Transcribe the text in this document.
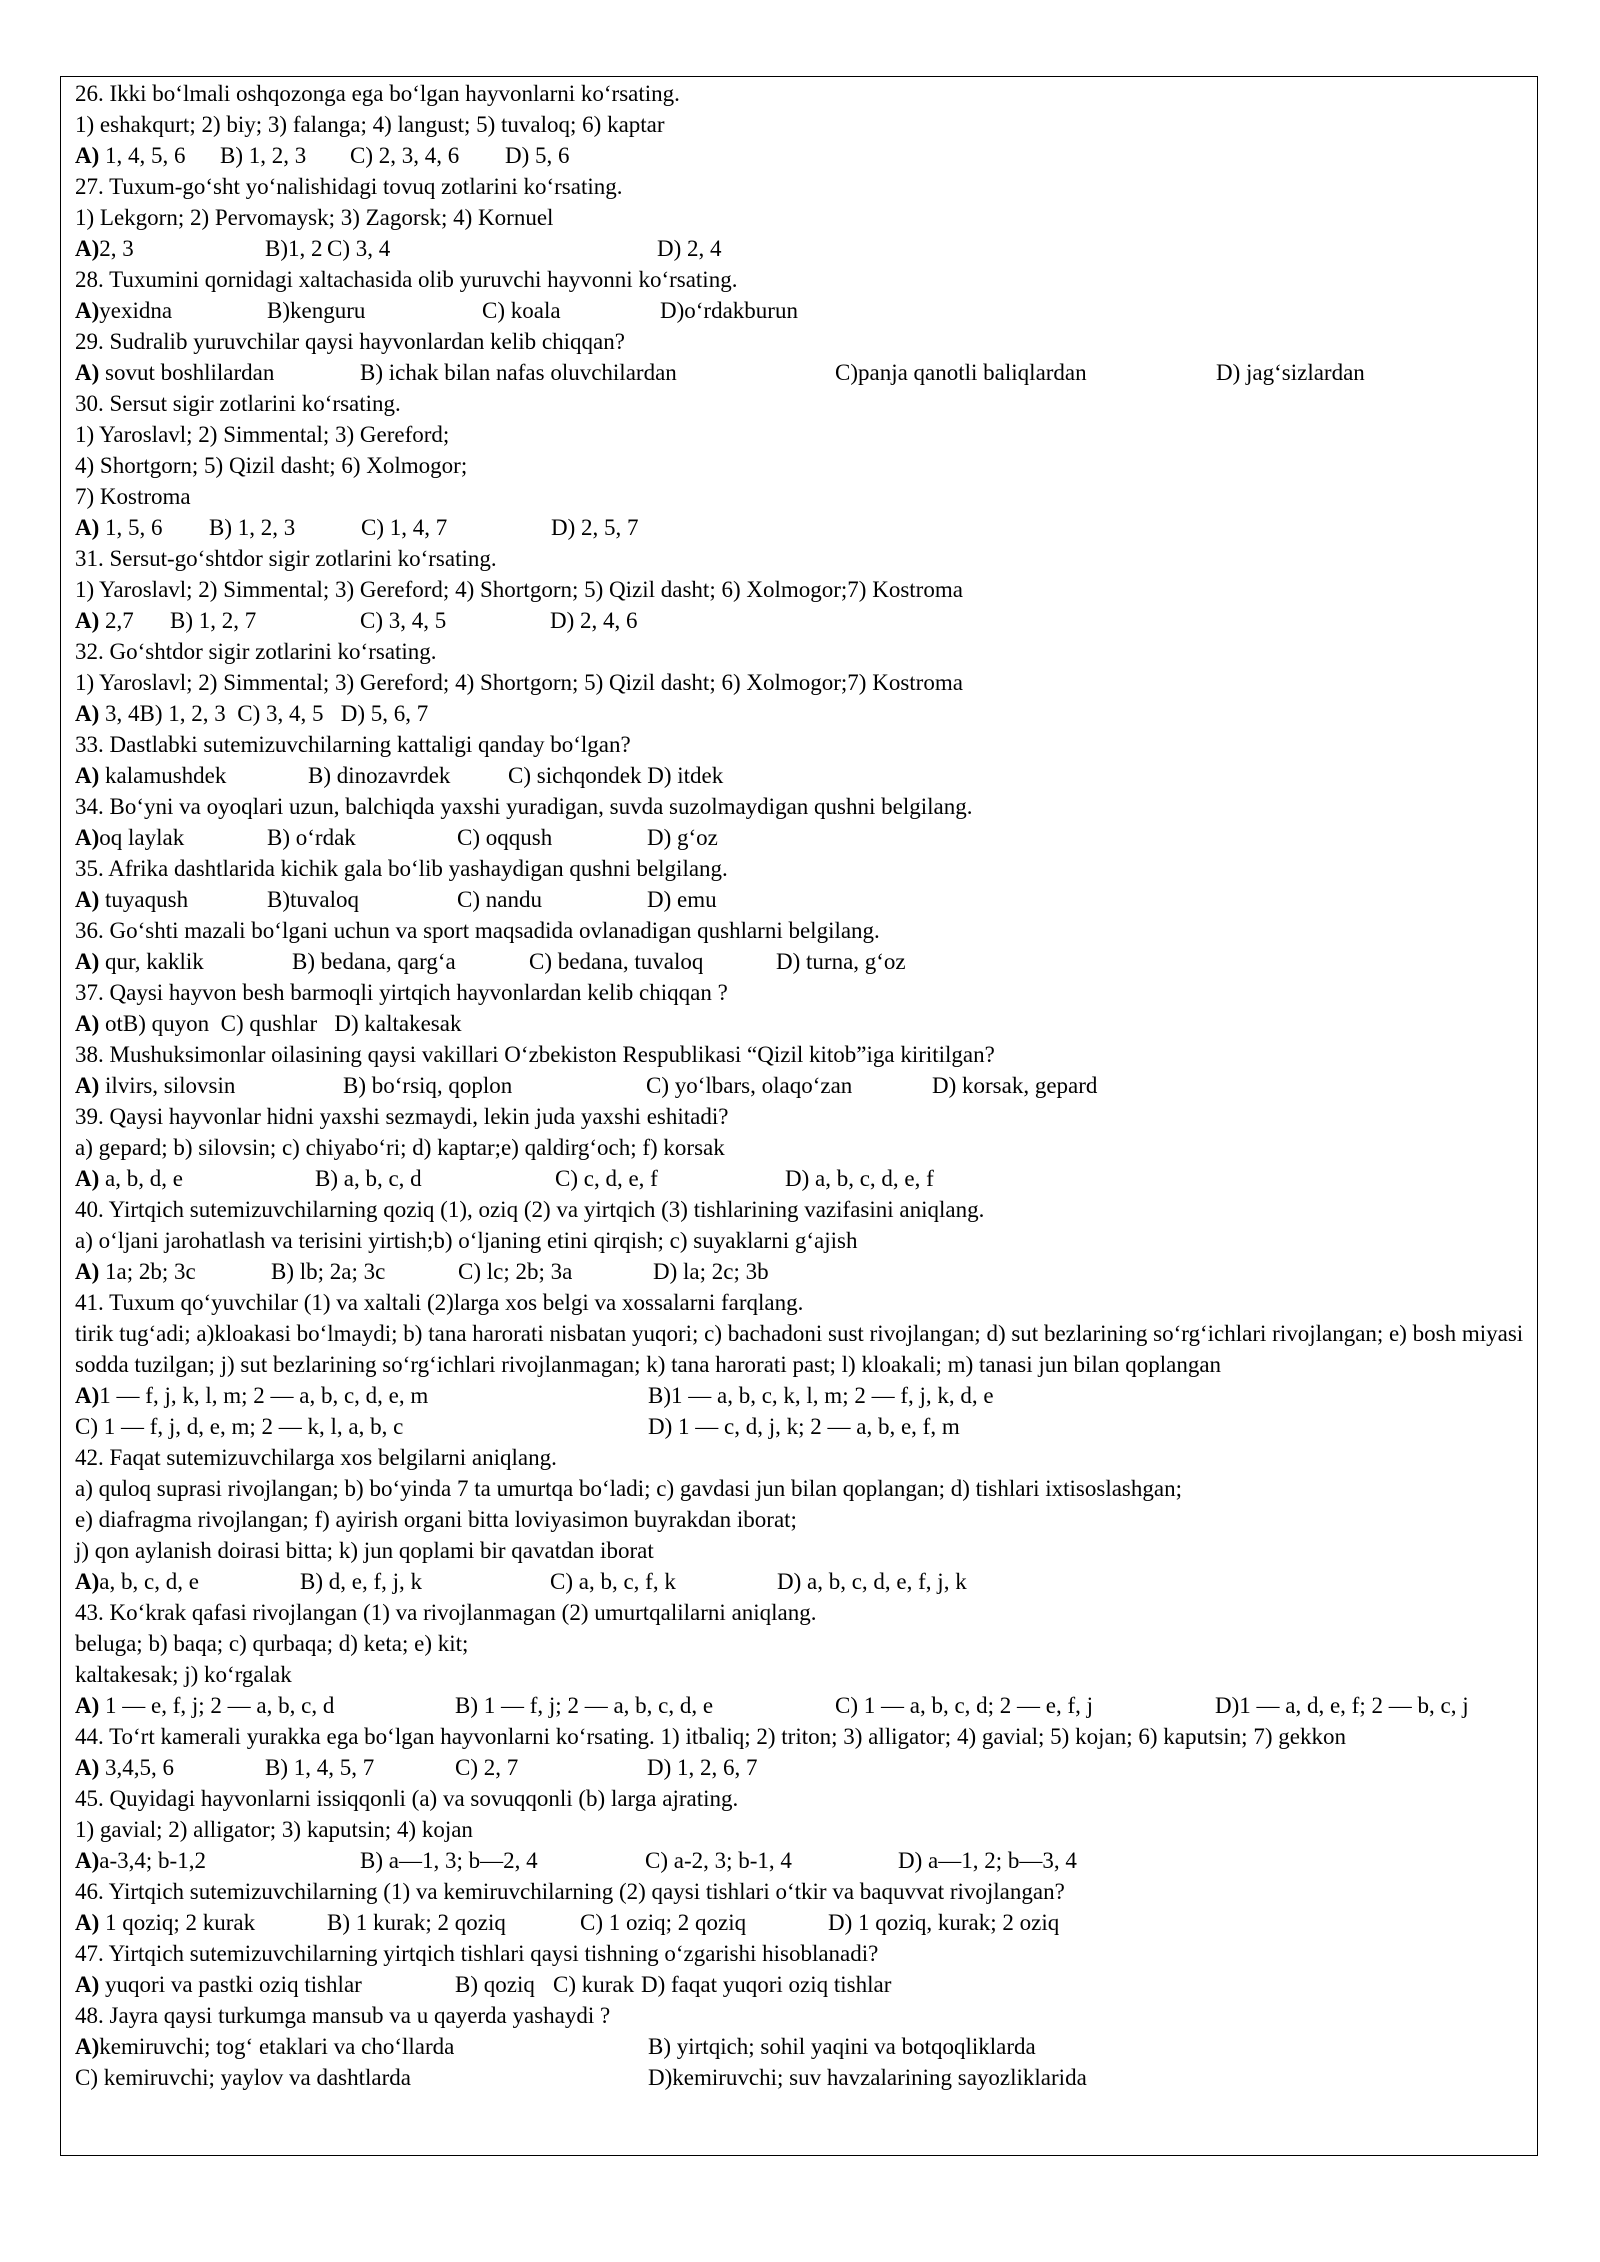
26. Ikki bo‘lmali oshqozonga ega bo‘lgan hayvonlarni ko‘rsating.
1) eshakqurt; 2) biy; 3) falanga; 4) langust; 5) tuvaloq; 6) kaptar
A) 1, 4, 5, 6 B) 1, 2, 3 C) 2, 3, 4, 6 D) 5, 6
27. Tuxum-go‘sht yo‘nalishidagi tovuq zotlarini ko‘rsating.
1) Lekgorn; 2) Pervomaysk; 3) Zagorsk; 4) Kornuel
A)2, 3	B)1, 2 C) 3, 4	D) 2, 4
28. Tuxumini qornidagi xaltachasida olib yuruvchi hayvonni ko‘rsating.
A)yexidna	B)kenguru	C) koala	D)o‘rdakburun
29. Sudralib yuruvchilar qaysi hayvonlardan kelib chiqqan?
A) sovut boshlilardan	B) ichak bilan nafas oluvchilardan	C)panja qanotli baliqlardan	D) jag‘sizlardan
30. Sersut sigir zotlarini ko‘rsating.
1) Yaroslavl; 2) Simmental; 3) Gereford;
4) Shortgorn; 5) Qizil dasht; 6) Xolmogor;
7) Kostroma
A) 1, 5, 6 B) 1, 2, 3	C) 1, 4, 7	D) 2, 5, 7
31. Sersut-go‘shtdor sigir zotlarini ko‘rsating.
1) Yaroslavl; 2) Simmental; 3) Gereford; 4) Shortgorn; 5) Qizil dasht; 6) Xolmogor;7) Kostroma
A) 2,7 B) 1, 2, 7	C) 3, 4, 5	D) 2, 4, 6
32. Go‘shtdor sigir zotlarini ko‘rsating.
1) Yaroslavl; 2) Simmental; 3) Gereford; 4) Shortgorn; 5) Qizil dasht; 6) Xolmogor;7) Kostroma
A) 3, 4B) 1, 2, 3  C) 3, 4, 5   D) 5, 6, 7
33. Dastlabki sutemizuvchilarning kattaligi qanday bo‘lgan?
A) kalamushdek	B) dinozavrdek	C) sichqondek D) itdek
34. Bo‘yni va oyoqlari uzun, balchiqda yaxshi yuradigan, suvda suzolmaydigan qushni belgilang.
A)oq laylak	B) o‘rdak	C) oqqush	D) g‘oz
35. Afrika dashtlarida kichik gala bo‘lib yashaydigan qushni belgilang.
A) tuyaqush	B)tuvaloq	C) nandu	D) emu
36. Go‘shti mazali bo‘lgani uchun va sport maqsadida ovlanadigan qushlarni belgilang.
A) qur, kaklik	B) bedana, qarg‘a	C) bedana, tuvaloq	D) turna, g‘oz
37. Qaysi hayvon besh barmoqli yirtqich hayvonlardan kelib chiqqan ?
A) otB) quyon  C) qushlar   D) kaltakesak
38. Mushuksimonlar oilasining qaysi vakillari O‘zbekiston Respublikasi “Qizil kitob”iga kiritilgan?
A) ilvirs, silovsin	B) bo‘rsiq, qoplon	C) yo‘lbars, olaqo‘zan	D) korsak, gepard
39. Qaysi hayvonlar hidni yaxshi sezmaydi, lekin juda yaxshi eshitadi?
a) gepard; b) silovsin; c) chiyabo‘ri; d) kaptar;e) qaldirg‘och; f) korsak
A) a, b, d, e	B) a, b, c, d	C) c, d, e, f	D) a, b, c, d, e, f
40. Yirtqich sutemizuvchilarning qoziq (1), oziq (2) va yirtqich (3) tishlarining vazifasini aniqlang.
a) o‘ljani jarohatlash va terisini yirtish;b) o‘ljaning etini qirqish; c) suyaklarni g‘ajish
A) 1a; 2b; 3c	B) lb; 2a; 3c	C) lc; 2b; 3a	D) la; 2c; 3b
41. Tuxum qo‘yuvchilar (1) va xaltali (2)larga xos belgi va xossalarni farqlang.
tirik tug‘adi; a)kloakasi bo‘lmaydi; b) tana harorati nisbatan yuqori; c) bachadoni sust rivojlangan; d) sut bezlarining so‘rg‘ichlari rivojlangan; e) bosh miyasi sodda tuzilgan; j) sut bezlarining so‘rg‘ichlari rivojlanmagan; k) tana harorati past; l) kloakali; m) tanasi jun bilan qoplangan
A)1 — f, j, k, l, m; 2 — a, b, c, d, e, m	B)1 — a, b, c, k, l, m; 2 — f, j, k, d, e
C) 1 — f, j, d, e, m; 2 — k, l, a, b, c	D) 1 — c, d, j, k; 2 — a, b, e, f, m
42. Faqat sutemizuvchilarga xos belgilarni aniqlang.
a) quloq suprasi rivojlangan; b) bo‘yinda 7 ta umurtqa bo‘ladi; c) gavdasi jun bilan qoplangan; d) tishlari ixtisoslashgan;
e) diafragma rivojlangan; f) ayirish organi bitta loviyasimon buyrakdan iborat;
j) qon aylanish doirasi bitta; k) jun qoplami bir qavatdan iborat
A)a, b, c, d, e	B) d, e, f, j, k	C) a, b, c, f, k	D) a, b, c, d, e, f, j, k
43. Ko‘krak qafasi rivojlangan (1) va rivojlanmagan (2) umurtqalilarni aniqlang.
beluga; b) baqa; c) qurbaqa; d) keta; e) kit;
kaltakesak; j) ko‘rgalak
A) 1 — e, f, j; 2 — a, b, c, d	B) 1 — f, j; 2 — a, b, c, d, e	C) 1 — a, b, c, d; 2 — e, f, j	D)1 — a, d, e, f; 2 — b, c, j
44. To‘rt kamerali yurakka ega bo‘lgan hayvonlarni ko‘rsating. 1) itbaliq; 2) triton; 3) alligator; 4) gavial; 5) kojan; 6) kaputsin; 7) gekkon
A) 3,4,5, 6	B) 1, 4, 5, 7	C) 2, 7	D) 1, 2, 6, 7
45. Quyidagi hayvonlarni issiqqonli (a) va sovuqqonli (b) larga ajrating.
1) gavial; 2) alligator; 3) kaputsin; 4) kojan
A)a-3,4; b-1,2	B) a—1, 3; b—2, 4	C) a-2, 3; b-1, 4	D) a—1, 2; b—3, 4
46. Yirtqich sutemizuvchilarning (1) va kemiruvchilarning (2) qaysi tishlari o‘tkir va baquvvat rivojlangan?
A) 1 qoziq; 2 kurak	B) 1 kurak; 2 qoziq	C) 1 oziq; 2 qoziq	D) 1 qoziq, kurak; 2 oziq
47. Yirtqich sutemizuvchilarning yirtqich tishlari qaysi tishning o‘zgarishi hisoblanadi?
A) yuqori va pastki oziq tishlar	B) qoziq C) kurak D) faqat yuqori oziq tishlar
48. Jayra qaysi turkumga mansub va u qayerda yashaydi ?
A)kemiruvchi; tog‘ etaklari va cho‘llarda	B) yirtqich; sohil yaqini va botqoqliklarda
C) kemiruvchi; yaylov va dashtlarda	D)kemiruvchi; suv havzalarining sayozliklarida
